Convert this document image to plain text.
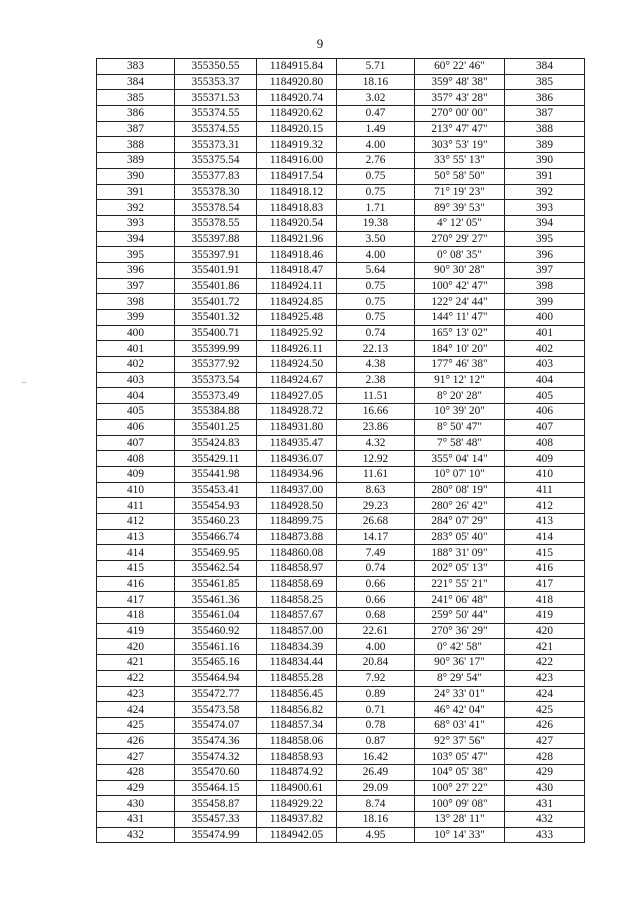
9
383	355350.55	1184915.84	5.71	60° 22' 46"	384
384	355353.37	1184920.80	18.16	359° 48' 38"	385
385	355371.53	1184920.74	3.02	357° 43' 28"	386
386	355374.55	1184920.62	0.47	270° 00' 00"	387
387	355374.55	1184920.15	1.49	213° 47' 47"	388
388	355373.31	1184919.32	4.00	303° 53' 19"	389
389	355375.54	1184916.00	2.76	33° 55' 13"	390
390	355377.83	1184917.54	0.75	50° 58' 50"	391
391	355378.30	1184918.12	0.75	71° 19' 23"	392
392	355378.54	1184918.83	1.71	89° 39' 53"	393
393	355378.55	1184920.54	19.38	4° 12' 05"	394
394	355397.88	1184921.96	3.50	270° 29' 27"	395
395	355397.91	1184918.46	4.00	0° 08' 35"	396
396	355401.91	1184918.47	5.64	90° 30' 28"	397
397	355401.86	1184924.11	0.75	100° 42' 47"	398
398	355401.72	1184924.85	0.75	122° 24' 44"	399
399	355401.32	1184925.48	0.75	144° 11' 47"	400
400	355400.71	1184925.92	0.74	165° 13' 02"	401
401	355399.99	1184926.11	22.13	184° 10' 20"	402
402	355377.92	1184924.50	4.38	177° 46' 38"	403
403	355373.54	1184924.67	2.38	91° 12' 12"	404
404	355373.49	1184927.05	11.51	8° 20' 28"	405
405	355384.88	1184928.72	16.66	10° 39' 20"	406
406	355401.25	1184931.80	23.86	8° 50' 47"	407
407	355424.83	1184935.47	4.32	7° 58' 48"	408
408	355429.11	1184936.07	12.92	355° 04' 14"	409
409	355441.98	1184934.96	11.61	10° 07' 10"	410
410	355453.41	1184937.00	8.63	280° 08' 19"	411
411	355454.93	1184928.50	29.23	280° 26' 42"	412
412	355460.23	1184899.75	26.68	284° 07' 29"	413
413	355466.74	1184873.88	14.17	283° 05' 40"	414
414	355469.95	1184860.08	7.49	188° 31' 09"	415
415	355462.54	1184858.97	0.74	202° 05' 13"	416
416	355461.85	1184858.69	0.66	221° 55' 21"	417
417	355461.36	1184858.25	0.66	241° 06' 48"	418
418	355461.04	1184857.67	0.68	259° 50' 44"	419
419	355460.92	1184857.00	22.61	270° 36' 29"	420
420	355461.16	1184834.39	4.00	0° 42' 58"	421
421	355465.16	1184834.44	20.84	90° 36' 17"	422
422	355464.94	1184855.28	7.92	8° 29' 54"	423
423	355472.77	1184856.45	0.89	24° 33' 01"	424
424	355473.58	1184856.82	0.71	46° 42' 04"	425
425	355474.07	1184857.34	0.78	68° 03' 41"	426
426	355474.36	1184858.06	0.87	92° 37' 56"	427
427	355474.32	1184858.93	16.42	103° 05' 47"	428
428	355470.60	1184874.92	26.49	104° 05' 38"	429
429	355464.15	1184900.61	29.09	100° 27' 22"	430
430	355458.87	1184929.22	8.74	100° 09' 08"	431
431	355457.33	1184937.82	18.16	13° 28' 11"	432
432	355474.99	1184942.05	4.95	10° 14' 33"	433
